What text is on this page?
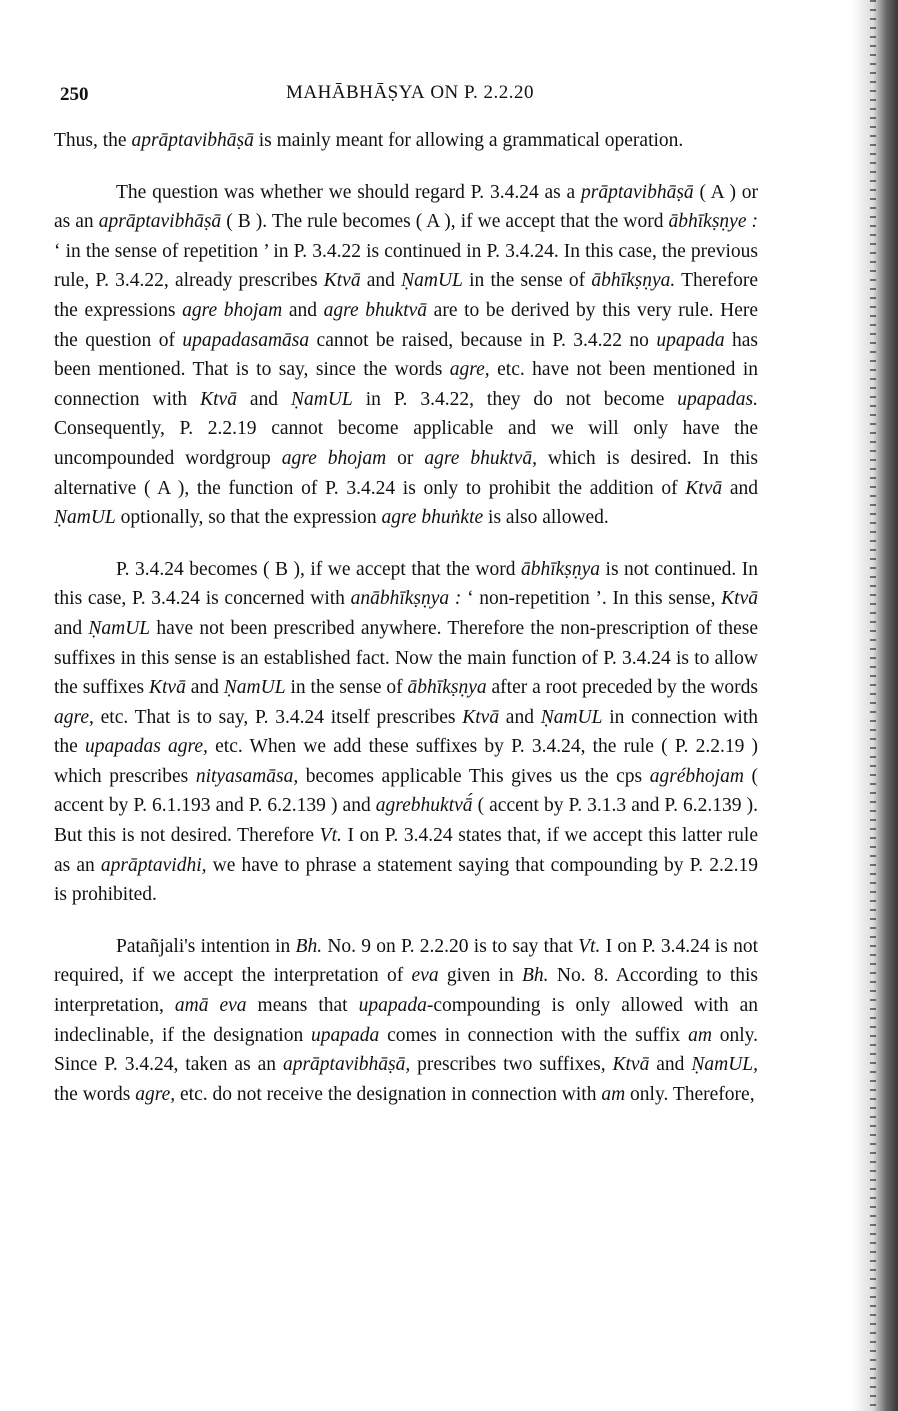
250	MAHĀBHĀṢYA ON P. 2.2.20

Thus, the aprāptavibhāṣā is mainly meant for allowing a grammatical operation.

The question was whether we should regard P. 3.4.24 as a prāptavibhāṣā ( A ) or as an aprāptavibhāṣā ( B ). The rule becomes ( A ), if we accept that the word ābhīkṣṇye : ‘ in the sense of repetition ’ in P. 3.4.22 is continued in P. 3.4.24. In this case, the previous rule, P. 3.4.22, already prescribes Ktvā and ṆamUL in the sense of ābhīkṣṇya. Therefore the expressions agre bhojam and agre bhuktvā are to be derived by this very rule. Here the question of upapadasamāsa cannot be raised, because in P. 3.4.22 no upapada has been mentioned. That is to say, since the words agre, etc. have not been mentioned in connection with Ktvā and ṆamUL in P. 3.4.22, they do not become upapadas. Consequently, P. 2.2.19 cannot become applicable and we will only have the uncompounded wordgroup agre bhojam or agre bhuktvā, which is desired. In this alternative ( A ), the function of P. 3.4.24 is only to prohibit the addition of Ktvā and ṆamUL optionally, so that the expression agre bhuṅkte is also allowed.

P. 3.4.24 becomes ( B ), if we accept that the word ābhīkṣṇya is not continued. In this case, P. 3.4.24 is concerned with anābhīkṣṇya : ‘ non-repetition ’. In this sense, Ktvā and ṆamUL have not been prescribed anywhere. Therefore the non-prescription of these suffixes in this sense is an established fact. Now the main function of P. 3.4.24 is to allow the suffixes Ktvā and ṆamUL in the sense of ābhīkṣṇya after a root preceded by the words agre, etc. That is to say, P. 3.4.24 itself prescribes Ktvā and ṆamUL in connection with the upapadas agre, etc. When we add these suffixes by P. 3.4.24, the rule ( P. 2.2.19 ) which prescribes nityasamāsa, becomes applicable This gives us the cps agrébhojam ( accent by P. 6.1.193 and P. 6.2.139 ) and agrebhuktvā́ ( accent by P. 3.1.3 and P. 6.2.139 ). But this is not desired. Therefore Vt. I on P. 3.4.24 states that, if we accept this latter rule as an aprāptavidhi, we have to phrase a statement saying that compounding by P. 2.2.19 is prohibited.

Patañjali's intention in Bh. No. 9 on P. 2.2.20 is to say that Vt. I on P. 3.4.24 is not required, if we accept the interpretation of eva given in Bh. No. 8. According to this interpretation, amā eva means that upapada-compounding is only allowed with an indeclinable, if the designation upapada comes in connection with the suffix am only. Since P. 3.4.24, taken as an aprāptavibhāṣā, prescribes two suffixes, Ktvā and ṆamUL, the words agre, etc. do not receive the designation in connection with am only. Therefore,
